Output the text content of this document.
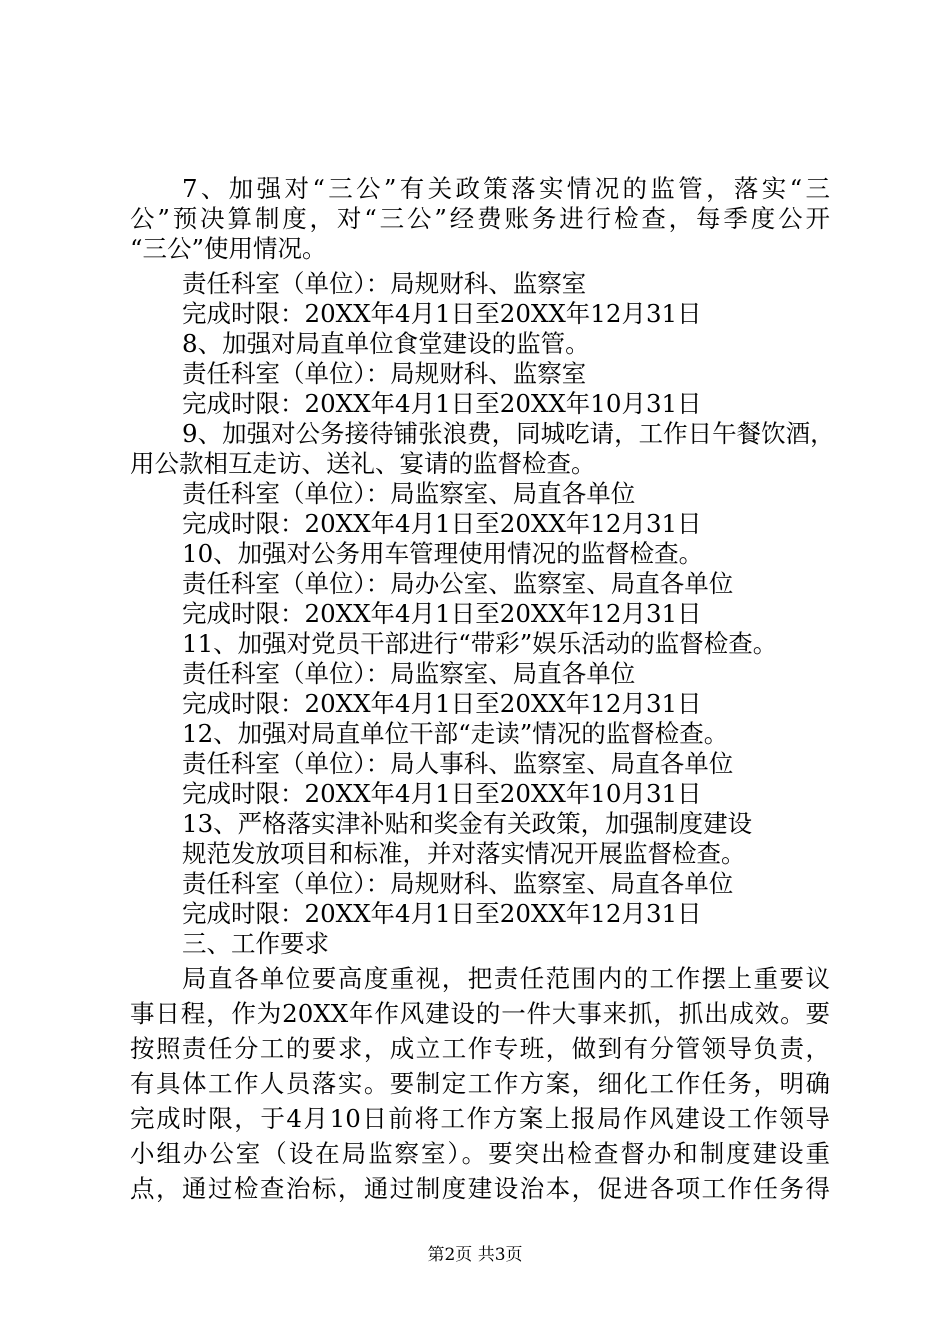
7、加强对“三公”有关政策落实情况的监管，落实“三
公”预决算制度，对“三公”经费账务进行检查，每季度公开
“三公”使用情况。
责任科室（单位）：局规财科、监察室
完成时限：20XX年4月1日至20XX年12月31日
8、加强对局直单位食堂建设的监管。
责任科室（单位）：局规财科、监察室
完成时限：20XX年4月1日至20XX年10月31日
9、加强对公务接待铺张浪费，同城吃请，工作日午餐饮酒，
用公款相互走访、送礼、宴请的监督检查。
责任科室（单位）：局监察室、局直各单位
完成时限：20XX年4月1日至20XX年12月31日
10、加强对公务用车管理使用情况的监督检查。
责任科室（单位）：局办公室、监察室、局直各单位
完成时限：20XX年4月1日至20XX年12月31日
11、加强对党员干部进行“带彩”娱乐活动的监督检查。
责任科室（单位）：局监察室、局直各单位
完成时限：20XX年4月1日至20XX年12月31日
12、加强对局直单位干部“走读”情况的监督检查。
责任科室（单位）：局人事科、监察室、局直各单位
完成时限：20XX年4月1日至20XX年10月31日
13、严格落实津补贴和奖金有关政策，加强制度建设
规范发放项目和标准，并对落实情况开展监督检查。
责任科室（单位）：局规财科、监察室、局直各单位
完成时限：20XX年4月1日至20XX年12月31日
三、工作要求
局直各单位要高度重视，把责任范围内的工作摆上重要议
事日程，作为20XX年作风建设的一件大事来抓，抓出成效。要
按照责任分工的要求，成立工作专班，做到有分管领导负责，
有具体工作人员落实。要制定工作方案，细化工作任务，明确
完成时限，于4月10日前将工作方案上报局作风建设工作领导
小组办公室（设在局监察室）。要突出检查督办和制度建设重
点，通过检查治标，通过制度建设治本，促进各项工作任务得
第2页 共3页
